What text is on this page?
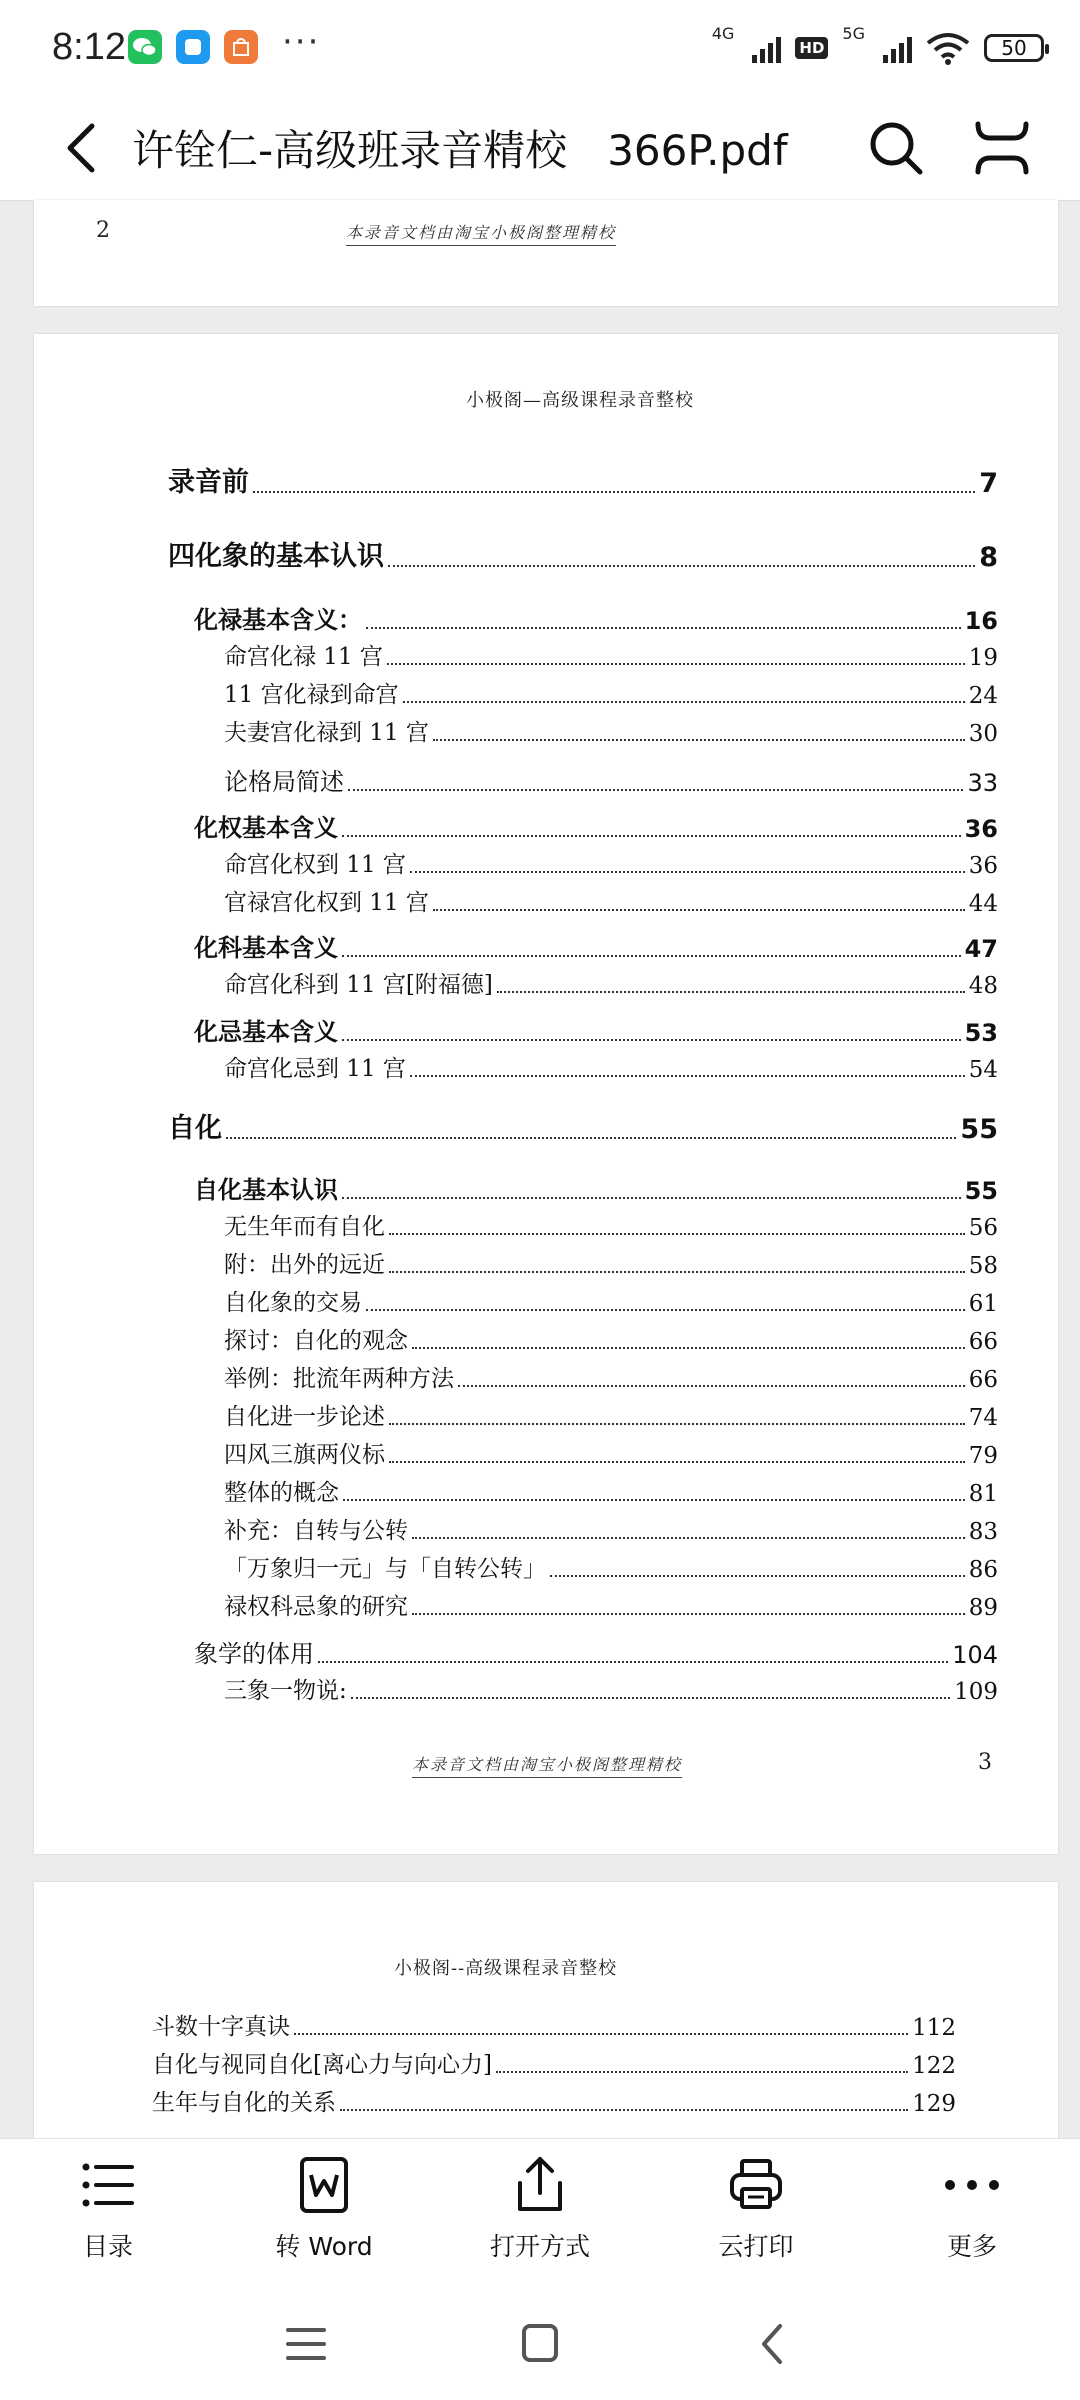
8:12	···	4G
HD
5G
50
许铨仁-高级班录音精校   366P.pdf
2	本录音文档由淘宝小极阁整理精校
小极阁—高级课程录音整校
录音前	7
四化象的基本认识	8
化禄基本含义：	16
命宫化禄 11 宫	19
11 宫化禄到命宫	24
夫妻宫化禄到 11 宫	30
论格局简述	33
化权基本含义	36
命宫化权到 11 宫	36
官禄宫化权到 11 宫	44
化科基本含义	47
命宫化科到 11 宫[附福德]	48
化忌基本含义	53
命宫化忌到 11 宫	54
自化	55
自化基本认识	55
无生年而有自化	56
附：出外的远近	58
自化象的交易	61
探讨：自化的观念	66
举例：批流年两种方法	66
自化进一步论述	74
四风三旗两仪标	79
整体的概念	81
补充：自转与公转	83
「万象归一元」与「自转公转」	86
禄权科忌象的研究	89
象学的体用	104
三象一物说:	109
本录音文档由淘宝小极阁整理精校	3
小极阁--高级课程录音整校
斗数十字真诀	112
自化与视同自化[离心力与向心力]	122
生年与自化的关系	129
目录	转 Word	打开方式	云打印	更多
